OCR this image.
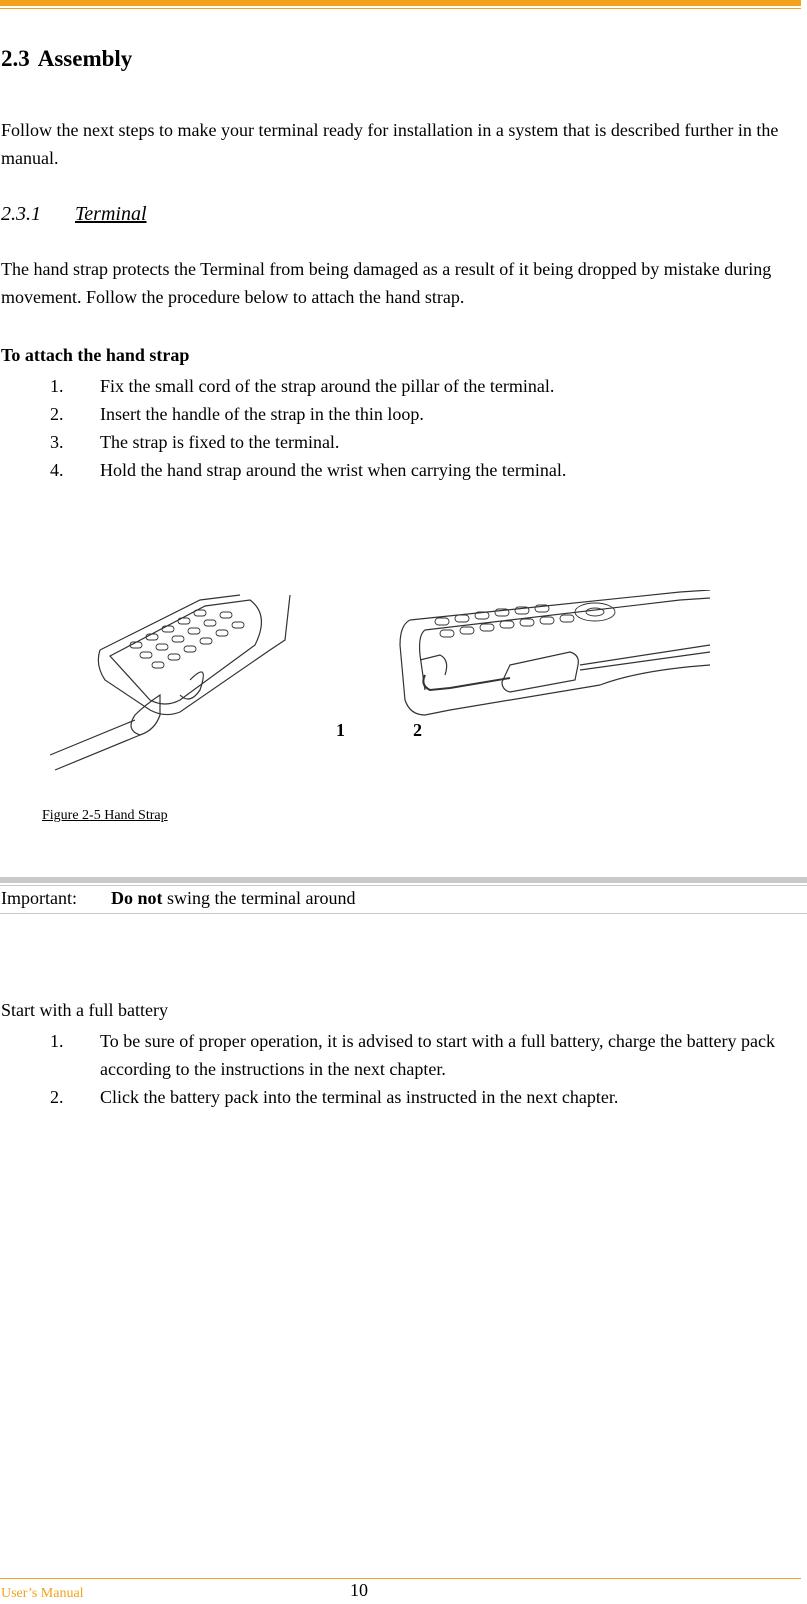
2.3 Assembly
Follow the next steps to make your terminal ready for installation in a system that is described further in the manual.
2.3.1 Terminal
The hand strap protects the Terminal from being damaged as a result of it being dropped by mistake during movement. Follow the procedure below to attach the hand strap.
To attach the hand strap
1.	Fix the small cord of the strap around the pillar of the terminal.
2.	Insert the handle of the strap in the thin loop.
3.	The strap is fixed to the terminal.
4.	Hold the hand strap around the wrist when carrying the terminal.
1	2
Figure 2-5 Hand Strap
Important: Do not swing the terminal around
Start with a full battery
1.	To be sure of proper operation, it is advised to start with a full battery, charge the battery pack according to the instructions in the next chapter.
2.	Click the battery pack into the terminal as instructed in the next chapter.
User’s Manual	10
